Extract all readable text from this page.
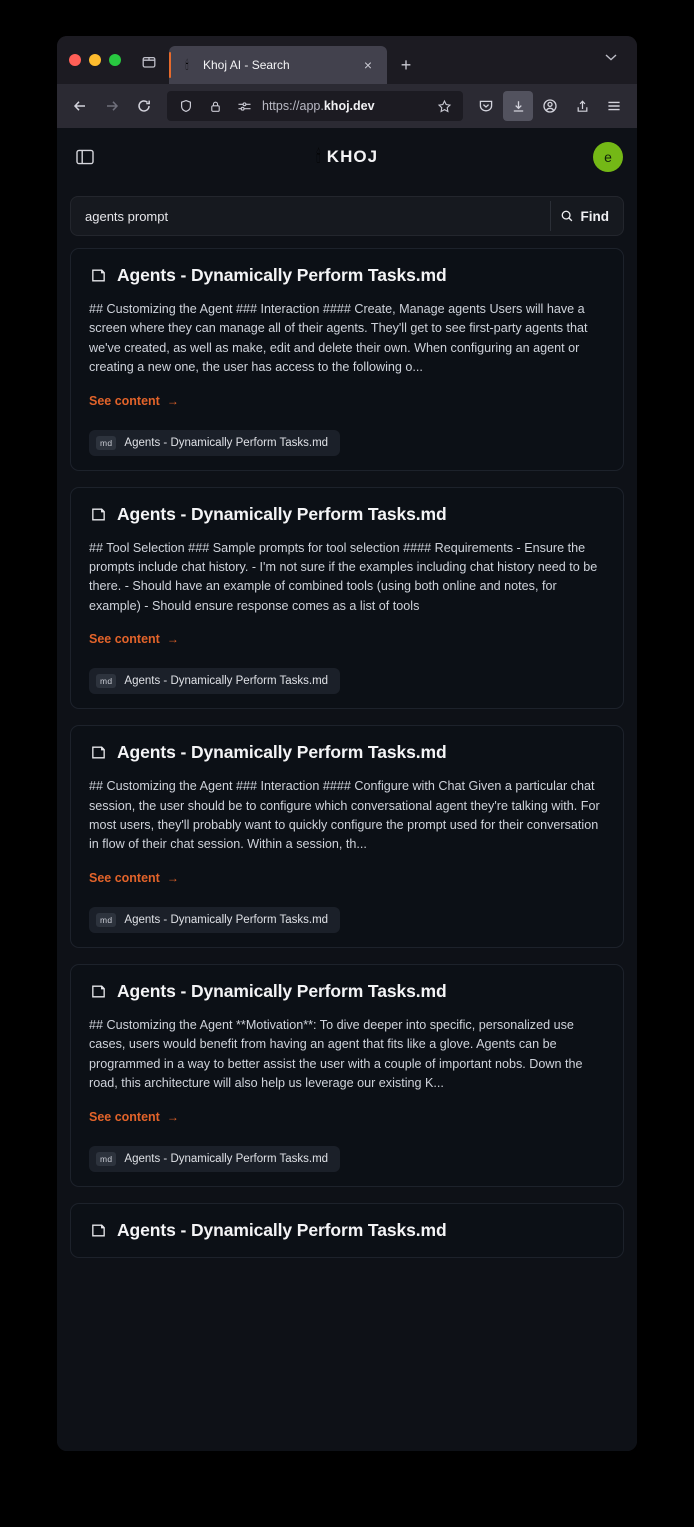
🕯	Khoj AI - Search	×	+
https://app.khoj.dev
🕯 KHOJ	e
agents prompt	Find
Agents - Dynamically Perform Tasks.md
## Customizing the Agent ### Interaction #### Create, Manage agents Users will have a screen where they can manage all of their agents. They'll get to see first-party agents that we've created, as well as make, edit and delete their own. When configuring an agent or creating a new one, the user has access to the following o...
See content →
md	Agents - Dynamically Perform Tasks.md
Agents - Dynamically Perform Tasks.md
## Tool Selection ### Sample prompts for tool selection #### Requirements - Ensure the prompts include chat history. - I'm not sure if the examples including chat history need to be there. - Should have an example of combined tools (using both online and notes, for example) - Should ensure response comes as a list of tools
See content →
md	Agents - Dynamically Perform Tasks.md
Agents - Dynamically Perform Tasks.md
## Customizing the Agent ### Interaction #### Configure with Chat Given a particular chat session, the user should be to configure which conversational agent they're talking with. For most users, they'll probably want to quickly configure the prompt used for their conversation in flow of their chat session. Within a session, th...
See content →
md	Agents - Dynamically Perform Tasks.md
Agents - Dynamically Perform Tasks.md
## Customizing the Agent **Motivation**: To dive deeper into specific, personalized use cases, users would benefit from having an agent that fits like a glove. Agents can be programmed in a way to better assist the user with a couple of important nobs. Down the road, this architecture will also help us leverage our existing K...
See content →
md	Agents - Dynamically Perform Tasks.md
Agents - Dynamically Perform Tasks.md
